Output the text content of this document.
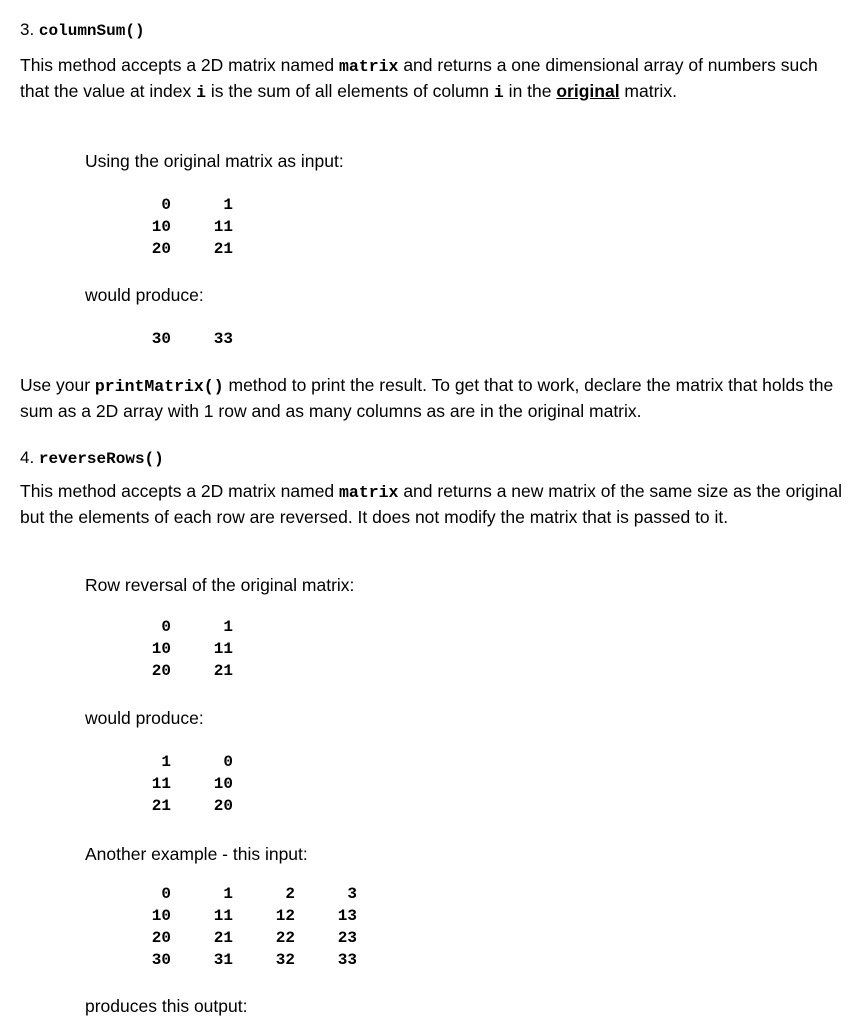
3. columnSum()
This method accepts a 2D matrix named matrix and returns a one dimensional array of numbers such that the value at index i is the sum of all elements of column i in the original matrix.
Using the original matrix as input:
0	1
10	11
20	21
would produce:
30	33
Use your printMatrix() method to print the result. To get that to work, declare the matrix that holds the sum as a 2D array with 1 row and as many columns as are in the original matrix.
4. reverseRows()
This method accepts a 2D matrix named matrix and returns a new matrix of the same size as the original but the elements of each row are reversed. It does not modify the matrix that is passed to it.
Row reversal of the original matrix:
0	1
10	11
20	21
would produce:
1	0
11	10
21	20
Another example - this input:
0	1	2	3
10	11	12	13
20	21	22	23
30	31	32	33
produces this output:
